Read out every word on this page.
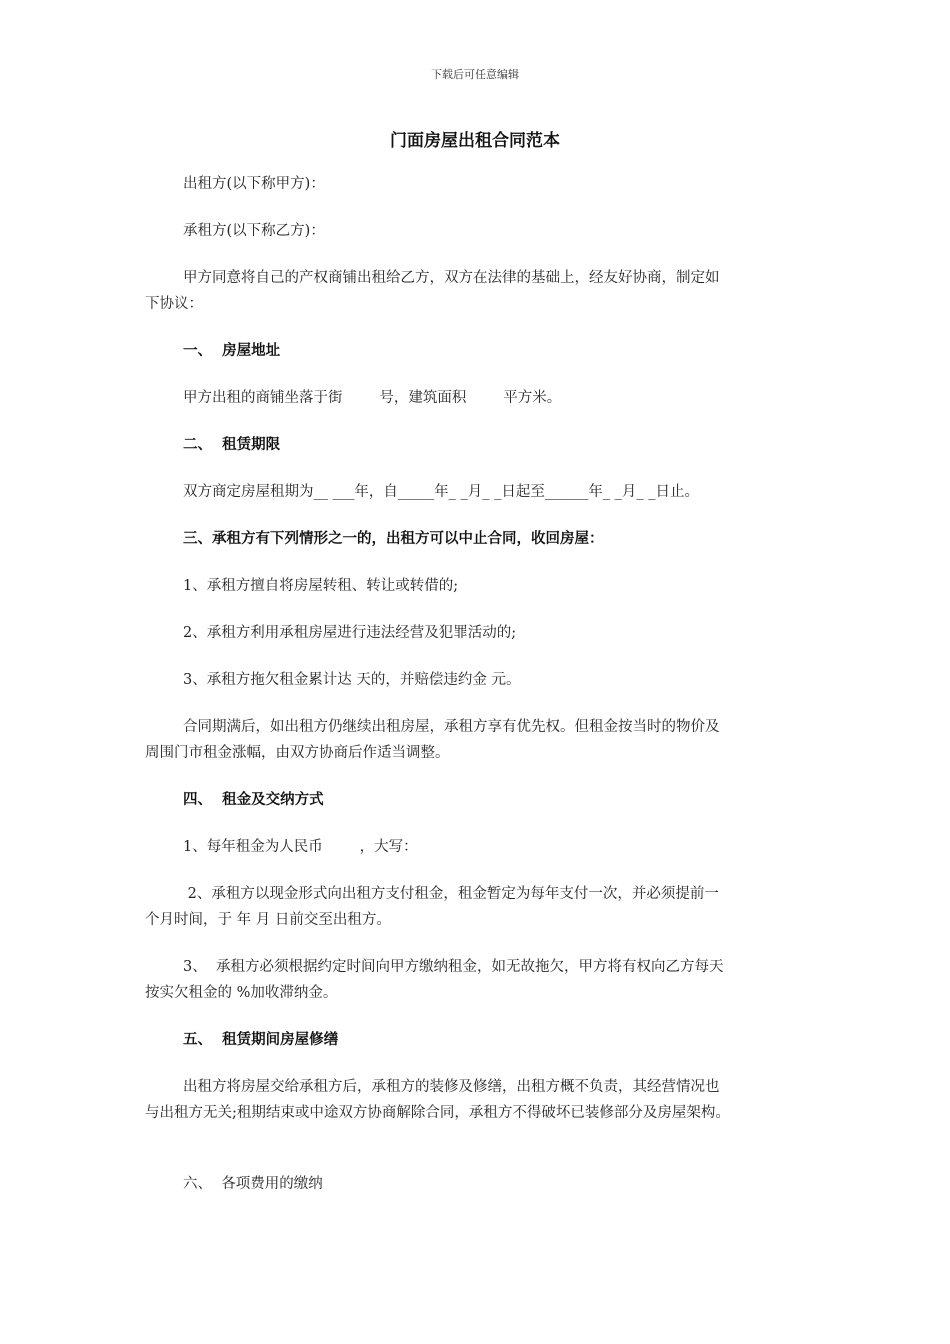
下载后可任意编辑
门面房屋出租合同范本
出租方(以下称甲方)：
承租方(以下称乙方)：
甲方同意将自己的产权商铺出租给乙方，双方在法律的基础上，经友好协商，制定如
下协议：
一、  房屋地址
甲方出租的商铺坐落于街        号，建筑面积        平方米。
二、  租赁期限
双方商定房屋租期为__ ___年，自_____年_ _月_ _日起至______年_ _月_ _日止。
三、承租方有下列情形之一的，出租方可以中止合同，收回房屋：
1、承租方擅自将房屋转租、转让或转借的;
2、承租方利用承租房屋进行违法经营及犯罪活动的;
3、承租方拖欠租金累计达 天的，并赔偿违约金 元。
合同期满后，如出租方仍继续出租房屋，承租方享有优先权。但租金按当时的物价及
周围门市租金涨幅，由双方协商后作适当调整。
四、  租金及交纳方式
1、每年租金为人民币        ，大写：
2、承租方以现金形式向出租方支付租金，租金暂定为每年支付一次，并必须提前一
个月时间，于 年 月 日前交至出租方。
3、  承租方必须根据约定时间向甲方缴纳租金，如无故拖欠，甲方将有权向乙方每天
按实欠租金的 %加收滞纳金。
五、  租赁期间房屋修缮
出租方将房屋交给承租方后，承租方的装修及修缮，出租方概不负责，其经营情况也
与出租方无关;租期结束或中途双方协商解除合同，承租方不得破坏已装修部分及房屋架构。
六、  各项费用的缴纳
